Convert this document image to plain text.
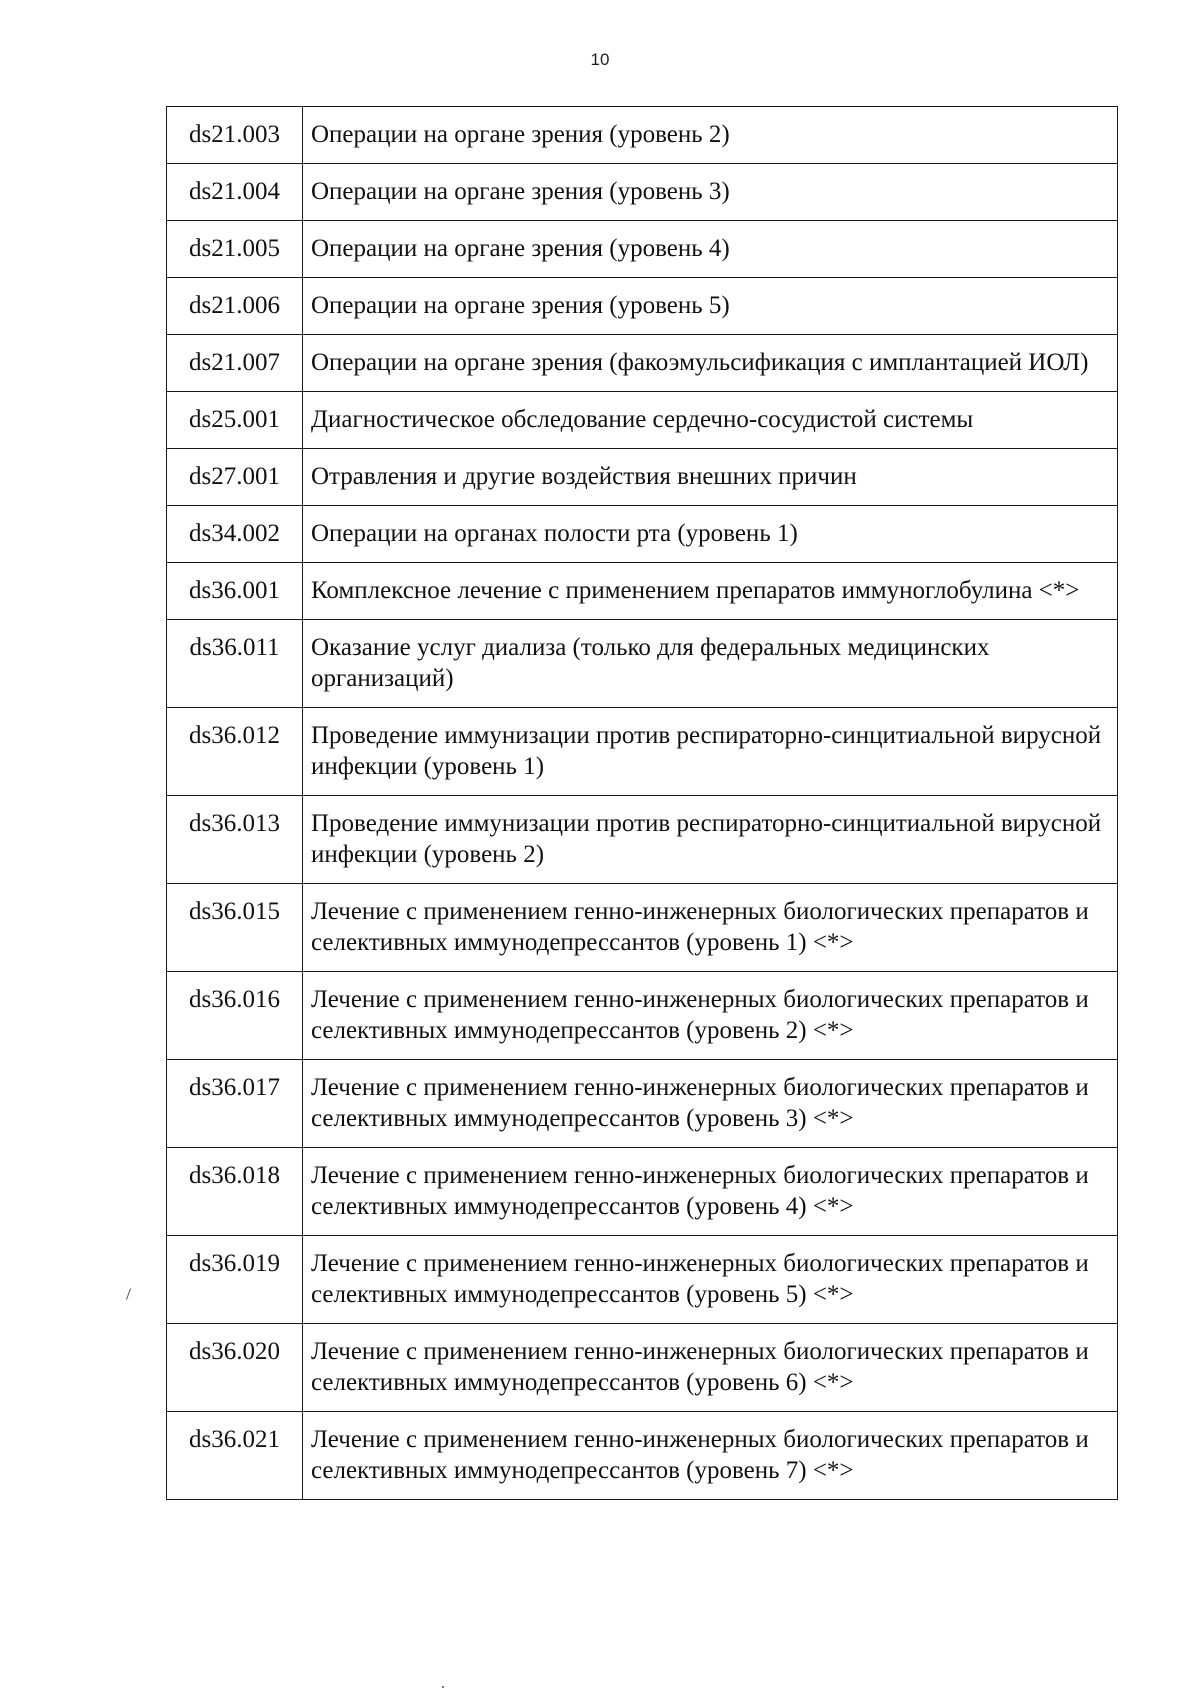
10
ds21.003	Операции на органе зрения (уровень 2)
ds21.004	Операции на органе зрения (уровень 3)
ds21.005	Операции на органе зрения (уровень 4)
ds21.006	Операции на органе зрения (уровень 5)
ds21.007	Операции на органе зрения (факоэмульсификация с имплантацией ИОЛ)
ds25.001	Диагностическое обследование сердечно-сосудистой системы
ds27.001	Отравления и другие воздействия внешних причин
ds34.002	Операции на органах полости рта (уровень 1)
ds36.001	Комплексное лечение с применением препаратов иммуноглобулина <*>
ds36.011	Оказание услуг диализа (только для федеральных медицинских организаций)
ds36.012	Проведение иммунизации против респираторно-синцитиальной вирусной инфекции (уровень 1)
ds36.013	Проведение иммунизации против респираторно-синцитиальной вирусной инфекции (уровень 2)
ds36.015	Лечение с применением генно-инженерных биологических препаратов и селективных иммунодепрессантов (уровень 1) <*>
ds36.016	Лечение с применением генно-инженерных биологических препаратов и селективных иммунодепрессантов (уровень 2) <*>
ds36.017	Лечение с применением генно-инженерных биологических препаратов и селективных иммунодепрессантов (уровень 3) <*>
ds36.018	Лечение с применением генно-инженерных биологических препаратов и селективных иммунодепрессантов (уровень 4) <*>
ds36.019	Лечение с применением генно-инженерных биологических препаратов и селективных иммунодепрессантов (уровень 5) <*>
ds36.020	Лечение с применением генно-инженерных биологических препаратов и селективных иммунодепрессантов (уровень 6) <*>
ds36.021	Лечение с применением генно-инженерных биологических препаратов и селективных иммунодепрессантов (уровень 7) <*>
